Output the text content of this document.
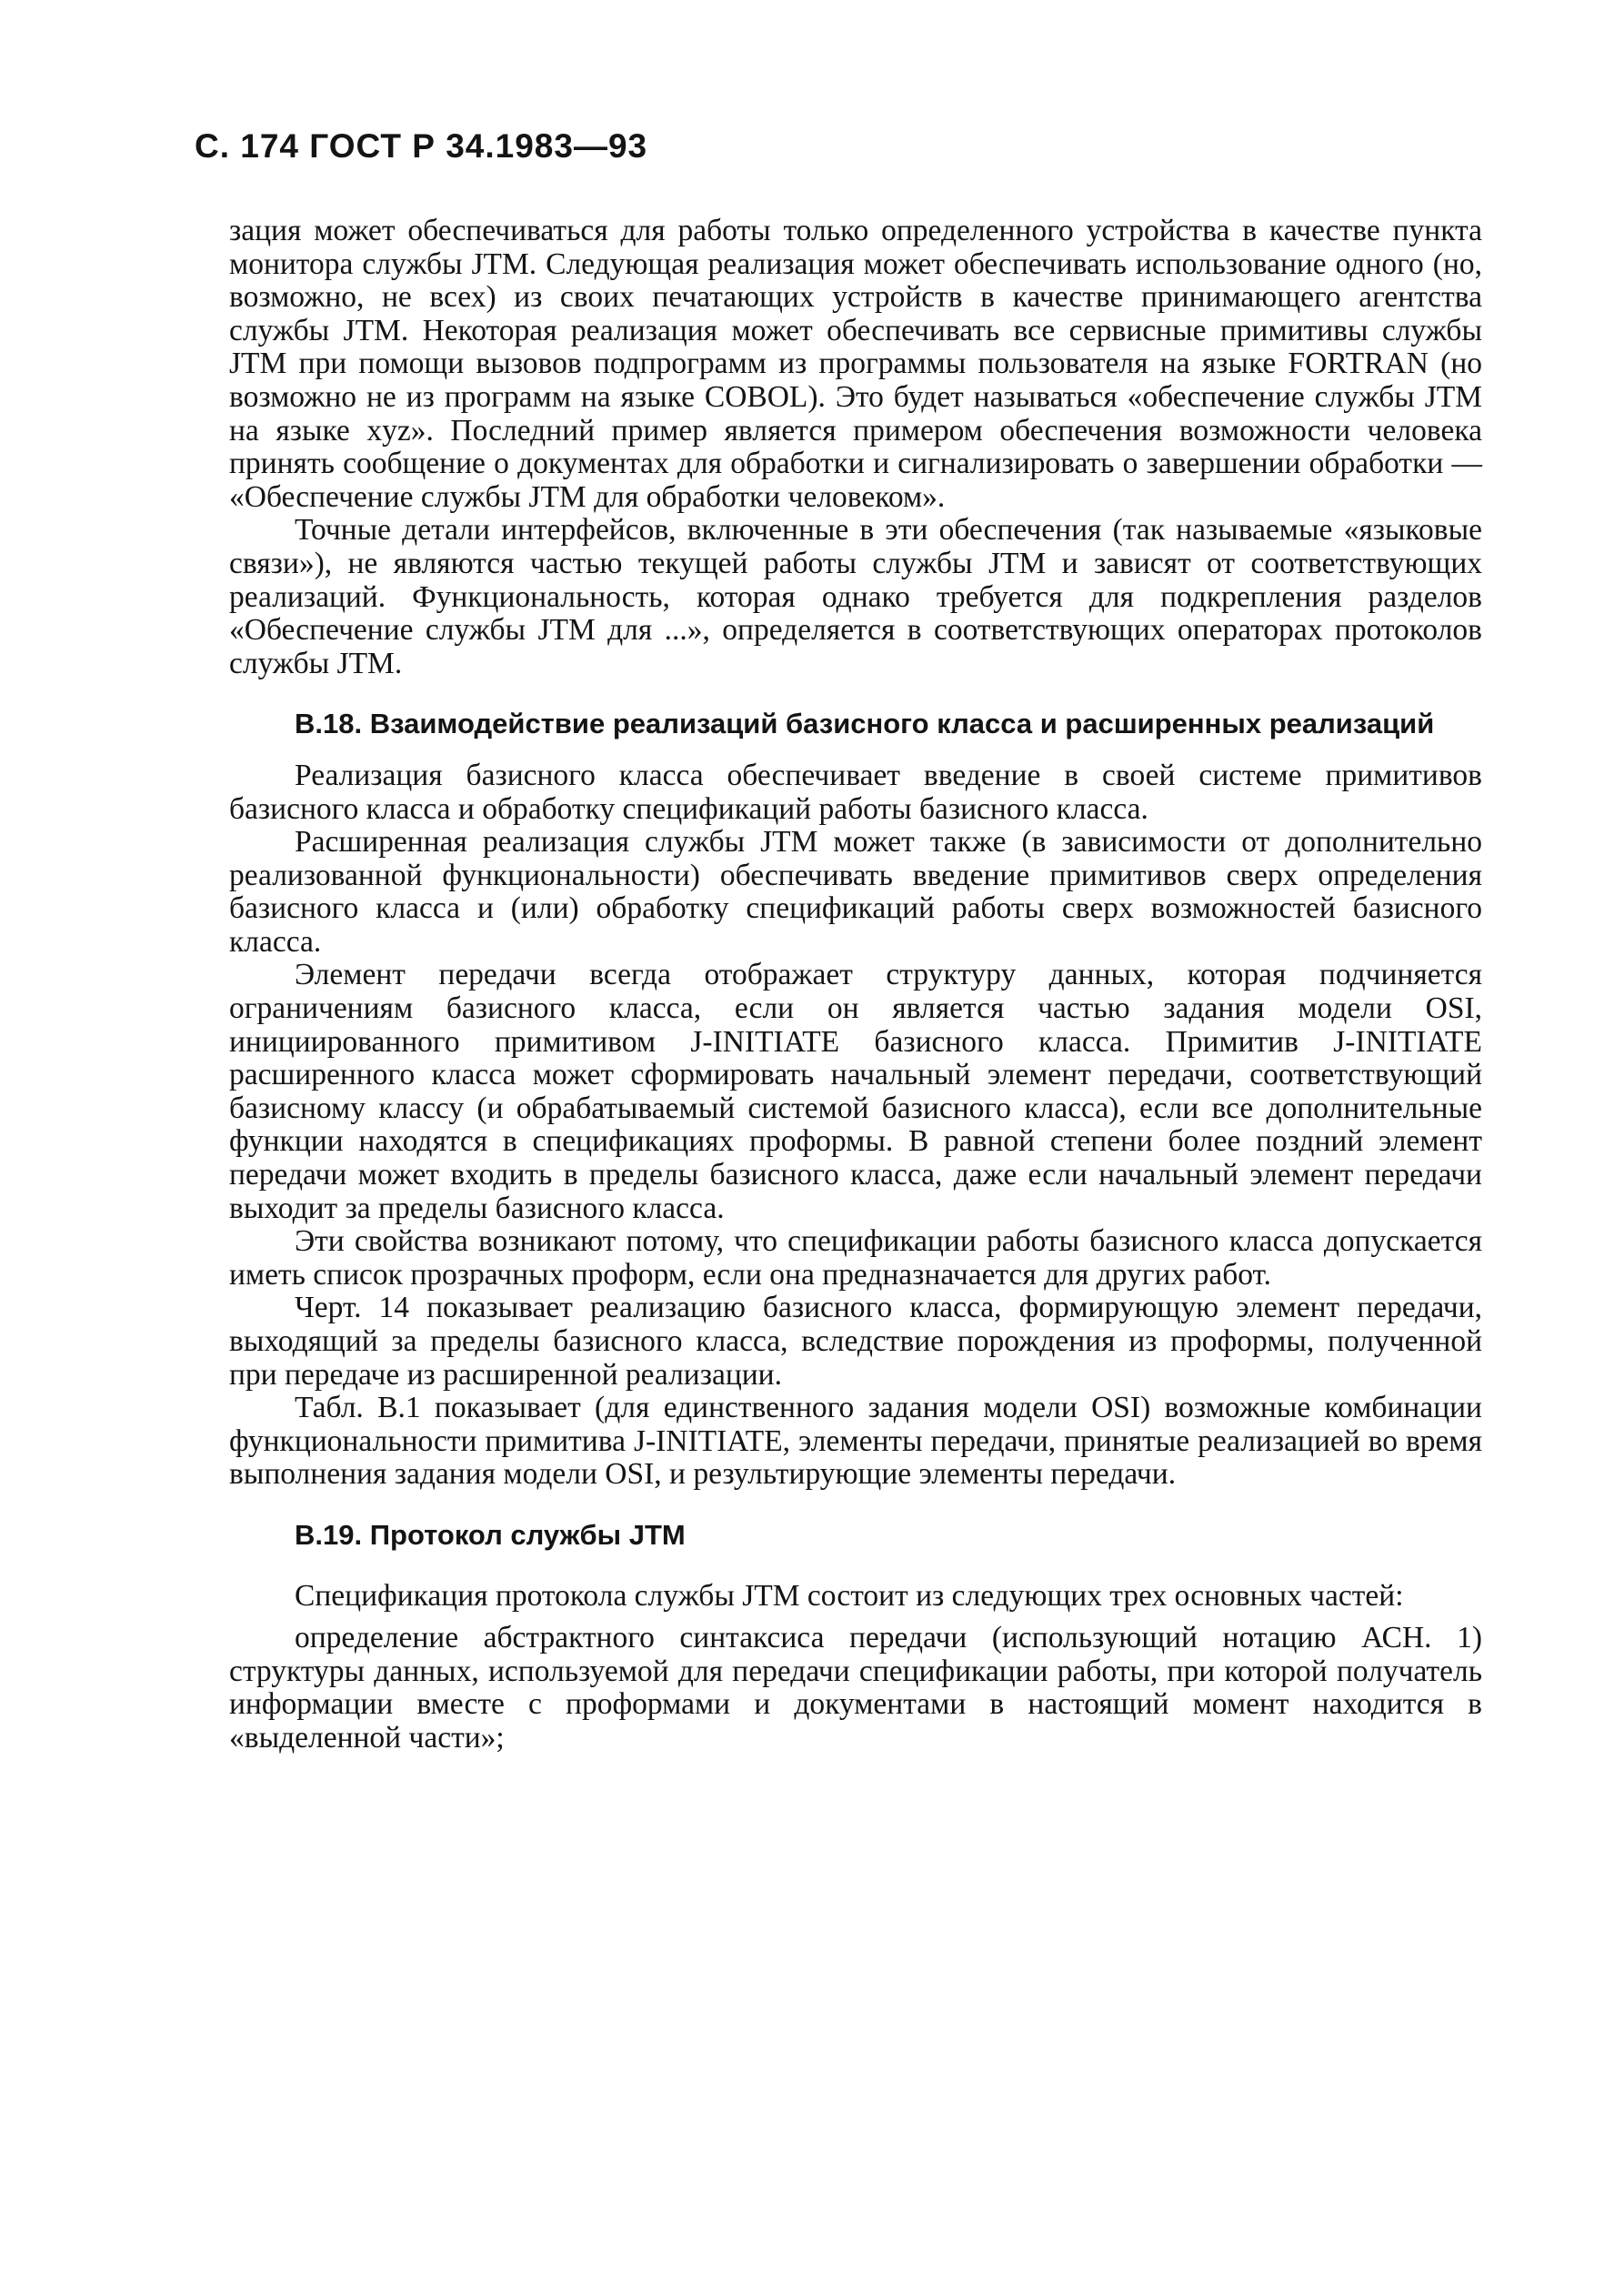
С. 174 ГОСТ Р 34.1983—93

зация может обеспечиваться для работы только определенного устройства в качестве пункта монитора службы JTM. Следующая реализация может обеспечивать использование одного (но, возможно, не всех) из своих печатающих устройств в качестве принимающего агентства службы JTM. Некоторая реализация может обеспечивать все сервисные примитивы службы JTM при помощи вызовов подпрограмм из программы пользователя на языке FORTRAN (но возможно не из программ на языке COBOL). Это будет называться «обеспечение службы JTM на языке xyz». Последний пример является примером обеспечения возможности человека принять сообщение о документах для обработки и сигнализировать о завершении обработки — «Обеспечение службы JTM для обработки человеком».

Точные детали интерфейсов, включенные в эти обеспечения (так называемые «языковые связи»), не являются частью текущей работы службы JTM и зависят от соответствующих реализаций. Функциональность, которая однако требуется для подкрепления разделов «Обеспечение службы JTM для ...», определяется в соответствующих операторах протоколов службы JTM.

В.18. Взаимодействие реализаций базисного класса и расширенных реализаций

Реализация базисного класса обеспечивает введение в своей системе примитивов базисного класса и обработку спецификаций работы базисного класса.

Расширенная реализация службы JTM может также (в зависимости от дополнительно реализованной функциональности) обеспечивать введение примитивов сверх определения базисного класса и (или) обработку спецификаций работы сверх возможностей базисного класса.

Элемент передачи всегда отображает структуру данных, которая подчиняется ограничениям базисного класса, если он является частью задания модели OSI, инициированного примитивом J-INITIATE базисного класса. Примитив J-INITIATE расширенного класса может сформировать начальный элемент передачи, соответствующий базисному классу (и обрабатываемый системой базисного класса), если все дополнительные функции находятся в спецификациях проформы. В равной степени более поздний элемент передачи может входить в пределы базисного класса, даже если начальный элемент передачи выходит за пределы базисного класса.

Эти свойства возникают потому, что спецификации работы базисного класса допускается иметь список прозрачных проформ, если она предназначается для других работ.

Черт. 14 показывает реализацию базисного класса, формирующую элемент передачи, выходящий за пределы базисного класса, вследствие порождения из проформы, полученной при передаче из расширенной реализации.

Табл. В.1 показывает (для единственного задания модели OSI) возможные комбинации функциональности примитива J-INITIATE, элементы передачи, принятые реализацией во время выполнения задания модели OSI, и результирующие элементы передачи.

В.19. Протокол службы JTM

Спецификация протокола службы JTM состоит из следующих трех основных частей:

определение абстрактного синтаксиса передачи (использующий нотацию АСН. 1) структуры данных, используемой для передачи спецификации работы, при которой получатель информации вместе с проформами и документами в настоящий момент находится в «выделенной части»;
